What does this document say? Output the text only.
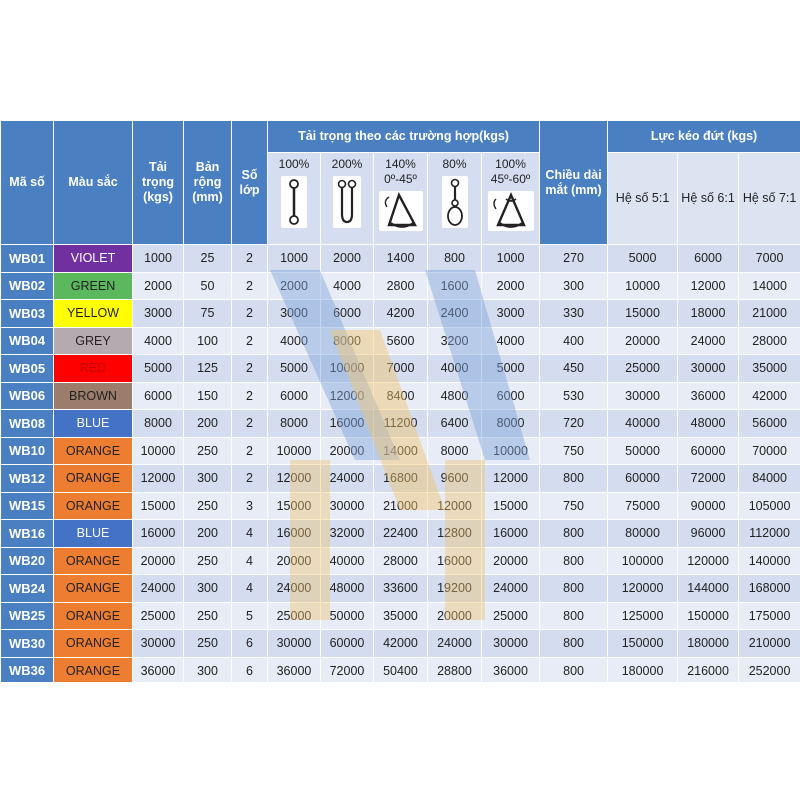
Mã số	Màu sắc	Tải trọng (kgs)	Bản rộng (mm)	Số lớp	Tải trọng theo các trường hợp(kgs)					Chiều dài mắt (mm)	Lực kéo đứt (kgs)		

					100%	200%	140% 0º-45º	80%	100% 45º-60º		Hệ số 5:1	Hệ số 6:1	Hệ số 7:1

WB01	VIOLET	1000	25	2	1000	2000	1400	800	1000	270	5000	6000	7000
WB02	GREEN	2000	50	2	2000	4000	2800	1600	2000	300	10000	12000	14000
WB03	YELLOW	3000	75	2	3000	6000	4200	2400	3000	330	15000	18000	21000
WB04	GREY	4000	100	2	4000	8000	5600	3200	4000	400	20000	24000	28000
WB05	RED	5000	125	2	5000	10000	7000	4000	5000	450	25000	30000	35000
WB06	BROWN	6000	150	2	6000	12000	8400	4800	6000	530	30000	36000	42000
WB08	BLUE	8000	200	2	8000	16000	11200	6400	8000	720	40000	48000	56000
WB10	ORANGE	10000	250	2	10000	20000	14000	8000	10000	750	50000	60000	70000
WB12	ORANGE	12000	300	2	12000	24000	16800	9600	12000	800	60000	72000	84000
WB15	ORANGE	15000	250	3	15000	30000	21000	12000	15000	750	75000	90000	105000
WB16	BLUE	16000	200	4	16000	32000	22400	12800	16000	800	80000	96000	112000
WB20	ORANGE	20000	250	4	20000	40000	28000	16000	20000	800	100000	120000	140000
WB24	ORANGE	24000	300	4	24000	48000	33600	19200	24000	800	120000	144000	168000
WB25	ORANGE	25000	250	5	25000	50000	35000	20000	25000	800	125000	150000	175000
WB30	ORANGE	30000	250	6	30000	60000	42000	24000	30000	800	150000	180000	210000
WB36	ORANGE	36000	300	6	36000	72000	50400	28800	36000	800	180000	216000	252000
